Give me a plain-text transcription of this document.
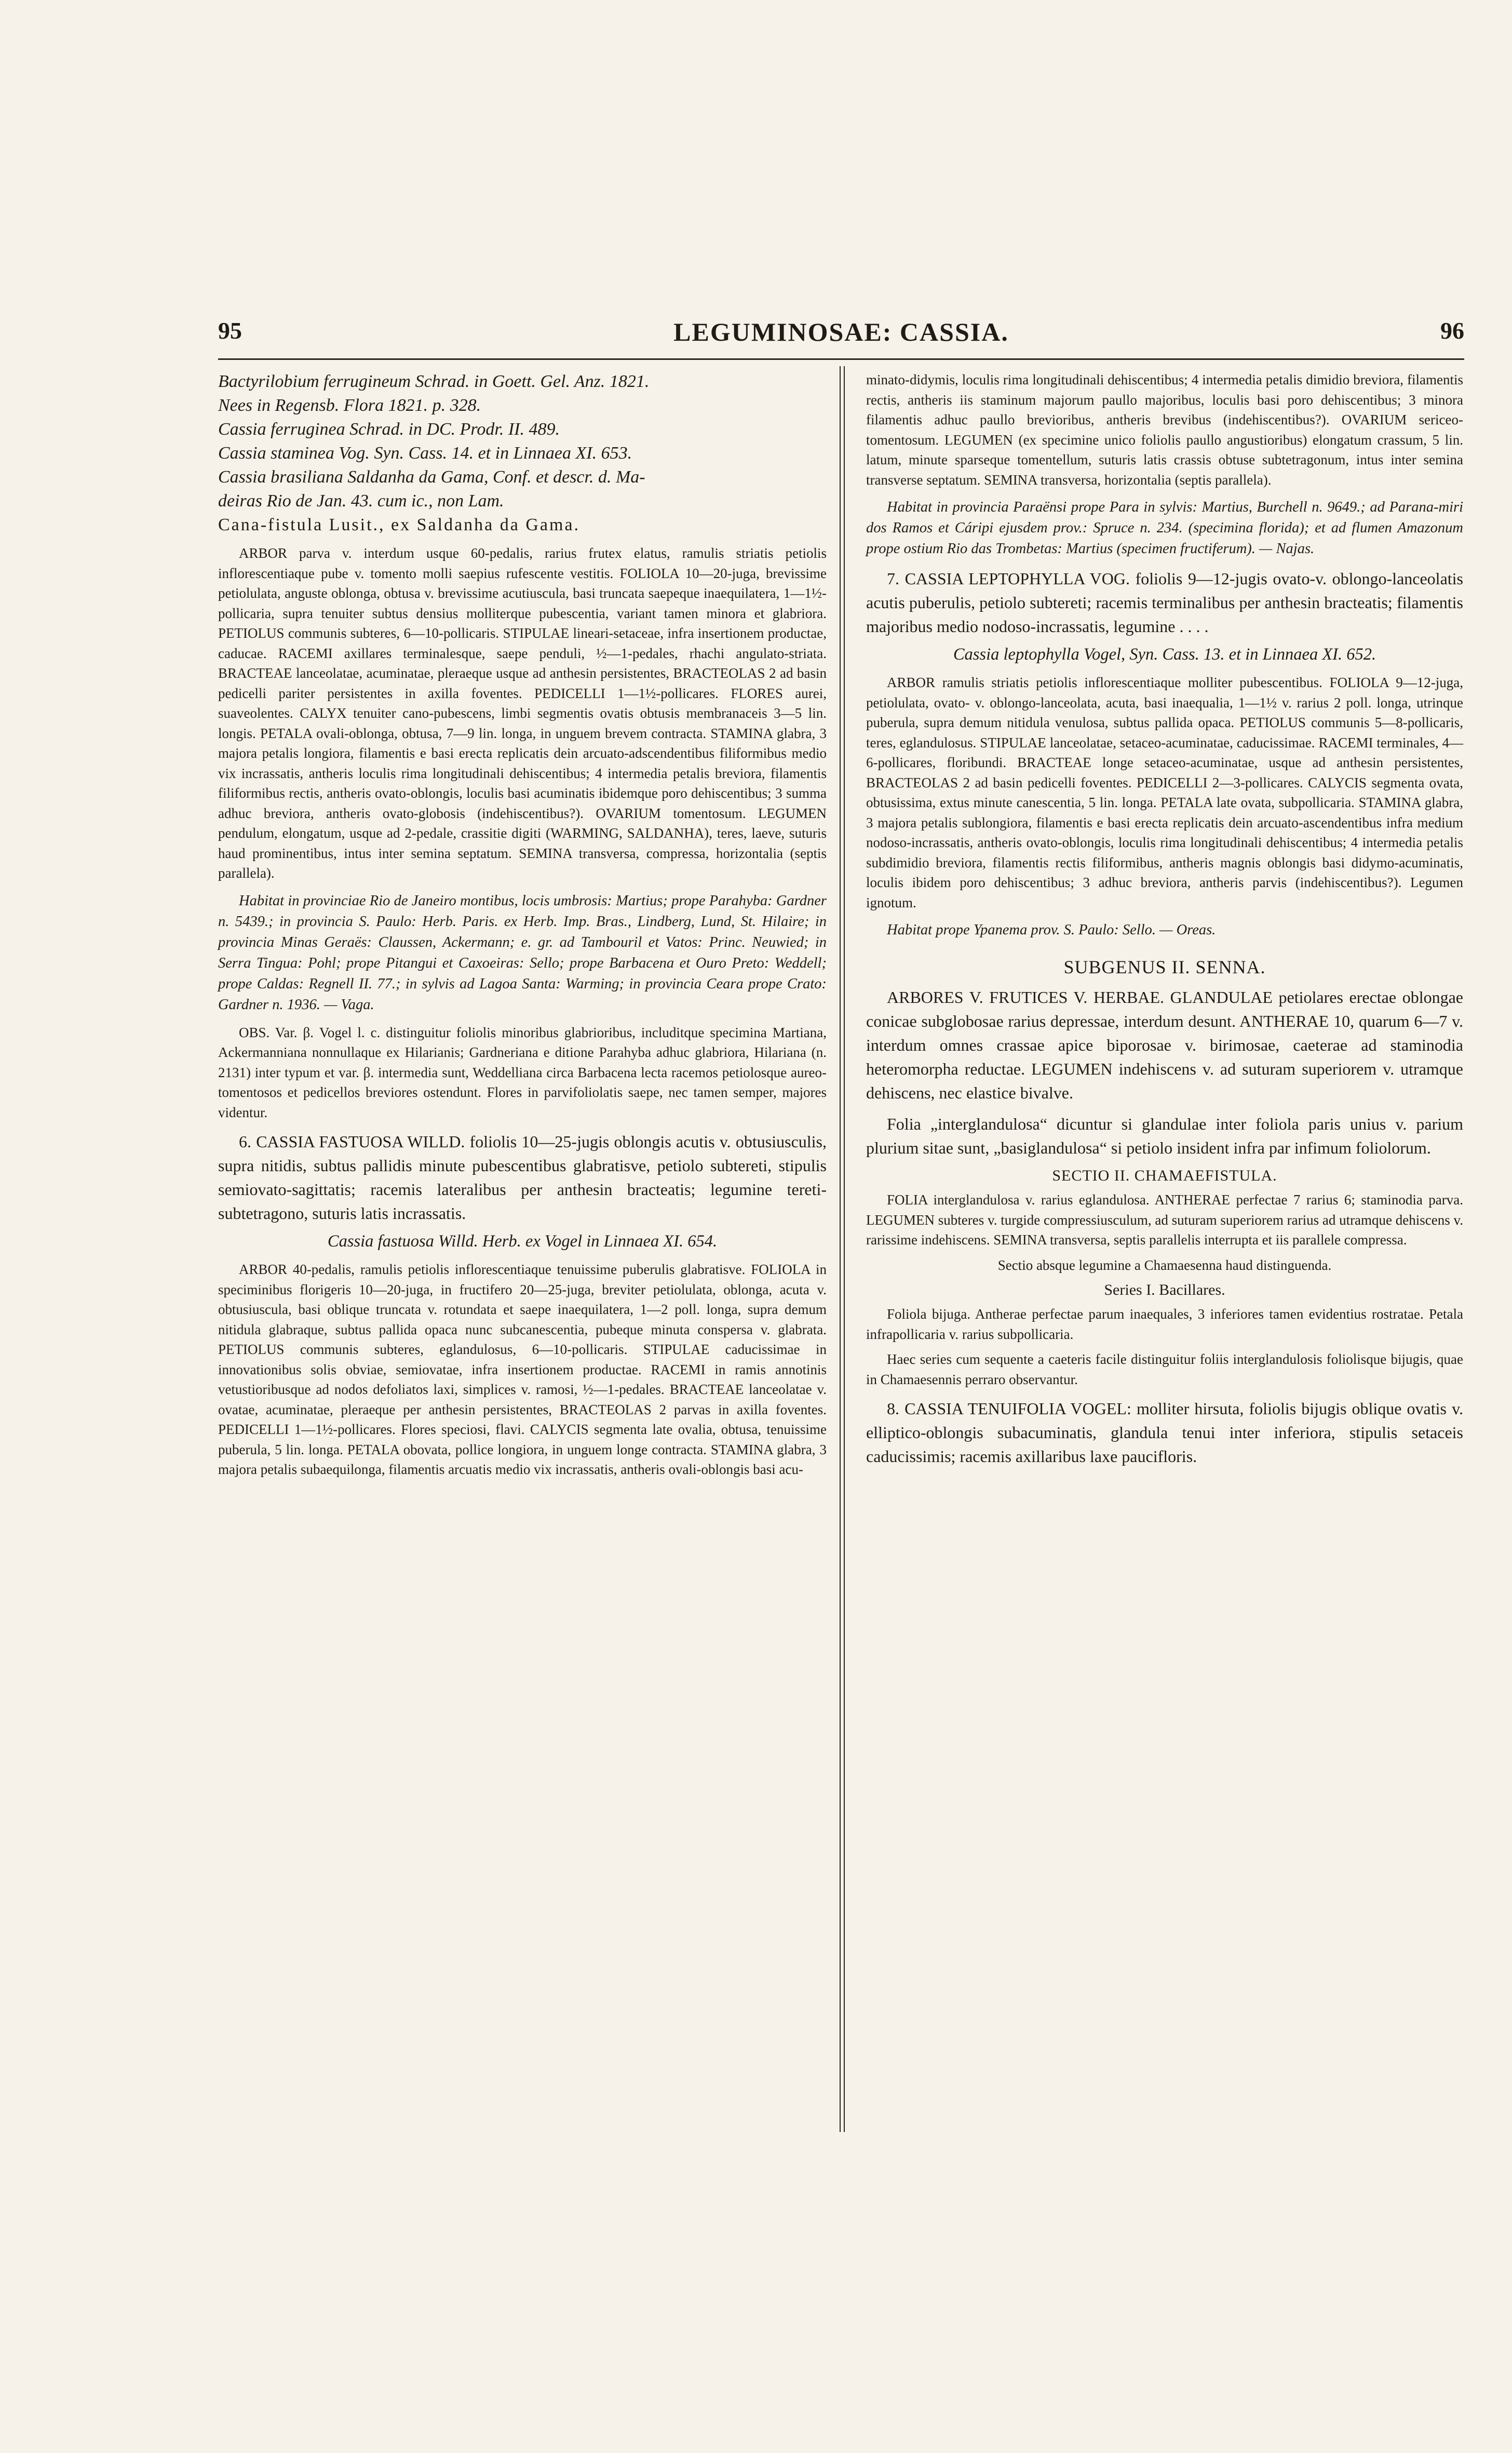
95	LEGUMINOSAE: CASSIA.	96

Bactyrilobium ferrugineum Schrad. in Goett. Gel. Anz. 1821.

Nees in Regensb. Flora 1821. p. 328.

Cassia ferruginea Schrad. in DC. Prodr. II. 489.

Cassia staminea Vog. Syn. Cass. 14. et in Linnaea XI. 653.

Cassia brasiliana Saldanha da Gama, Conf. et descr. d. Ma-

deiras Rio de Jan. 43. cum ic., non Lam.

Cana-fistula Lusit., ex Saldanha da Gama.

ARBOR parva v. interdum usque 60-pedalis, rarius frutex elatus, ramulis striatis petiolis inflorescentiaque pube v. tomento molli saepius rufescente vestitis. FOLIOLA 10—20-juga, brevissime petiolulata, anguste oblonga, obtusa v. brevissime acutiuscula, basi truncata saepeque inaequilatera, 1—1½-pollicaria, supra tenuiter subtus densius molliterque pubescentia, variant tamen minora et glabriora. PETIOLUS communis subteres, 6—10-pollicaris. STIPULAE lineari-setaceae, infra insertionem productae, caducae. RACEMI axillares terminalesque, saepe penduli, ½—1-pedales, rhachi angulato-striata. BRACTEAE lanceolatae, acuminatae, pleraeque usque ad anthesin persistentes, BRACTEOLAS 2 ad basin pedicelli pariter persistentes in axilla foventes. PEDICELLI 1—1½-pollicares. FLORES aurei, suaveolentes. CALYX tenuiter cano-pubescens, limbi segmentis ovatis obtusis membranaceis 3—5 lin. longis. PETALA ovali-oblonga, obtusa, 7—9 lin. longa, in unguem brevem contracta. STAMINA glabra, 3 majora petalis longiora, filamentis e basi erecta replicatis dein arcuato-adscendentibus filiformibus medio vix incrassatis, antheris loculis rima longitudinali dehiscentibus; 4 intermedia petalis breviora, filamentis filiformibus rectis, antheris ovato-oblongis, loculis basi acuminatis ibidemque poro dehiscentibus; 3 summa adhuc breviora, antheris ovato-globosis (indehiscentibus?). OVARIUM tomentosum. LEGUMEN pendulum, elongatum, usque ad 2-pedale, crassitie digiti (WARMING, SALDANHA), teres, laeve, suturis haud prominentibus, intus inter semina septatum. SEMINA transversa, compressa, horizontalia (septis parallela).

Habitat in provinciae Rio de Janeiro montibus, locis umbrosis: Martius; prope Parahyba: Gardner n. 5439.; in provincia S. Paulo: Herb. Paris. ex Herb. Imp. Bras., Lindberg, Lund, St. Hilaire; in provincia Minas Geraës: Claussen, Ackermann; e. gr. ad Tambouril et Vatos: Princ. Neuwied; in Serra Tingua: Pohl; prope Pitangui et Caxoeiras: Sello; prope Barbacena et Ouro Preto: Weddell; prope Caldas: Regnell II. 77.; in sylvis ad Lagoa Santa: Warming; in provincia Ceara prope Crato: Gardner n. 1936. — Vaga.

OBS. Var. β. Vogel l. c. distinguitur foliolis minoribus glabrioribus, includitque specimina Martiana, Ackermanniana nonnullaque ex Hilarianis; Gardneriana e ditione Parahyba adhuc glabriora, Hilariana (n. 2131) inter typum et var. β. intermedia sunt, Weddelliana circa Barbacena lecta racemos petiolosque aureo-tomentosos et pedicellos breviores ostendunt. Flores in parvifoliolatis saepe, nec tamen semper, majores videntur.

6. CASSIA FASTUOSA WILLD. foliolis 10—25-jugis oblongis acutis v. obtusiusculis, supra nitidis, subtus pallidis minute pubescentibus glabratisve, petiolo subtereti, stipulis semiovato-sagittatis; racemis lateralibus per anthesin bracteatis; legumine tereti-subtetragono, suturis latis incrassatis.

Cassia fastuosa Willd. Herb. ex Vogel in Linnaea XI. 654.

ARBOR 40-pedalis, ramulis petiolis inflorescentiaque tenuissime puberulis glabratisve. FOLIOLA in speciminibus florigeris 10—20-juga, in fructifero 20—25-juga, breviter petiolulata, oblonga, acuta v. obtusiuscula, basi oblique truncata v. rotundata et saepe inaequilatera, 1—2 poll. longa, supra demum nitidula glabraque, subtus pallida opaca nunc subcanescentia, pubeque minuta conspersa v. glabrata. PETIOLUS communis subteres, eglandulosus, 6—10-pollicaris. STIPULAE caducissimae in innovationibus solis obviae, semiovatae, infra insertionem productae. RACEMI in ramis annotinis vetustioribusque ad nodos defoliatos laxi, simplices v. ramosi, ½—1-pedales. BRACTEAE lanceolatae v. ovatae, acuminatae, pleraeque per anthesin persistentes, BRACTEOLAS 2 parvas in axilla foventes. PEDICELLI 1—1½-pollicares. Flores speciosi, flavi. CALYCIS segmenta late ovalia, obtusa, tenuissime puberula, 5 lin. longa. PETALA obovata, pollice longiora, in unguem longe contracta. STAMINA glabra, 3 majora petalis subaequilonga, filamentis arcuatis medio vix incrassatis, antheris ovali-oblongis basi acu-

minato-didymis, loculis rima longitudinali dehiscentibus; 4 intermedia petalis dimidio breviora, filamentis rectis, antheris iis staminum majorum paullo majoribus, loculis basi poro dehiscentibus; 3 minora filamentis adhuc paullo brevioribus, antheris brevibus (indehiscentibus?). OVARIUM sericeo-tomentosum. LEGUMEN (ex specimine unico foliolis paullo angustioribus) elongatum crassum, 5 lin. latum, minute sparseque tomentellum, suturis latis crassis obtuse subtetragonum, intus inter semina transverse septatum. SEMINA transversa, horizontalia (septis parallela).

Habitat in provincia Paraënsi prope Para in sylvis: Martius, Burchell n. 9649.; ad Parana-miri dos Ramos et Cáripi ejusdem prov.: Spruce n. 234. (specimina florida); et ad flumen Amazonum prope ostium Rio das Trombetas: Martius (specimen fructiferum). — Najas.

7. CASSIA LEPTOPHYLLA VOG. foliolis 9—12-jugis ovato-v. oblongo-lanceolatis acutis puberulis, petiolo subtereti; racemis terminalibus per anthesin bracteatis; filamentis majoribus medio nodoso-incrassatis, legumine . . . .

Cassia leptophylla Vogel, Syn. Cass. 13. et in Linnaea XI. 652.

ARBOR ramulis striatis petiolis inflorescentiaque molliter pubescentibus. FOLIOLA 9—12-juga, petiolulata, ovato- v. oblongo-lanceolata, acuta, basi inaequalia, 1—1½ v. rarius 2 poll. longa, utrinque puberula, supra demum nitidula venulosa, subtus pallida opaca. PETIOLUS communis 5—8-pollicaris, teres, eglandulosus. STIPULAE lanceolatae, setaceo-acuminatae, caducissimae. RACEMI terminales, 4—6-pollicares, floribundi. BRACTEAE longe setaceo-acuminatae, usque ad anthesin persistentes, BRACTEOLAS 2 ad basin pedicelli foventes. PEDICELLI 2—3-pollicares. CALYCIS segmenta ovata, obtusissima, extus minute canescentia, 5 lin. longa. PETALA late ovata, subpollicaria. STAMINA glabra, 3 majora petalis sublongiora, filamentis e basi erecta replicatis dein arcuato-ascendentibus infra medium nodoso-incrassatis, antheris ovato-oblongis, loculis rima longitudinali dehiscentibus; 4 intermedia petalis subdimidio breviora, filamentis rectis filiformibus, antheris magnis oblongis basi didymo-acuminatis, loculis ibidem poro dehiscentibus; 3 adhuc breviora, antheris parvis (indehiscentibus?). Legumen ignotum.

Habitat prope Ypanema prov. S. Paulo: Sello. — Oreas.

SUBGENUS II. SENNA.

ARBORES V. FRUTICES V. HERBAE. GLANDULAE petiolares erectae oblongae conicae subglobosae rarius depressae, interdum desunt. ANTHERAE 10, quarum 6—7 v. interdum omnes crassae apice biporosae v. birimosae, caeterae ad staminodia heteromorpha reductae. LEGUMEN indehiscens v. ad suturam superiorem v. utramque dehiscens, nec elastice bivalve.

Folia „interglandulosa“ dicuntur si glandulae inter foliola paris unius v. parium plurium sitae sunt, „basiglandulosa“ si petiolo insident infra par infimum foliolorum.

SECTIO II. CHAMAEFISTULA.

FOLIA interglandulosa v. rarius eglandulosa. ANTHERAE perfectae 7 rarius 6; staminodia parva. LEGUMEN subteres v. turgide compressiusculum, ad suturam superiorem rarius ad utramque dehiscens v. rarissime indehiscens. SEMINA transversa, septis parallelis interrupta et iis parallele compressa.

Sectio absque legumine a Chamaesenna haud distinguenda.

Series I. Bacillares.

Foliola bijuga. Antherae perfectae parum inaequales, 3 inferiores tamen evidentius rostratae. Petala infrapollicaria v. rarius subpollicaria.

Haec series cum sequente a caeteris facile distinguitur foliis interglandulosis foliolisque bijugis, quae in Chamaesennis perraro observantur.

8. CASSIA TENUIFOLIA VOGEL: molliter hirsuta, foliolis bijugis oblique ovatis v. elliptico-oblongis subacuminatis, glandula tenui inter inferiora, stipulis setaceis caducissimis; racemis axillaribus laxe paucifloris.
